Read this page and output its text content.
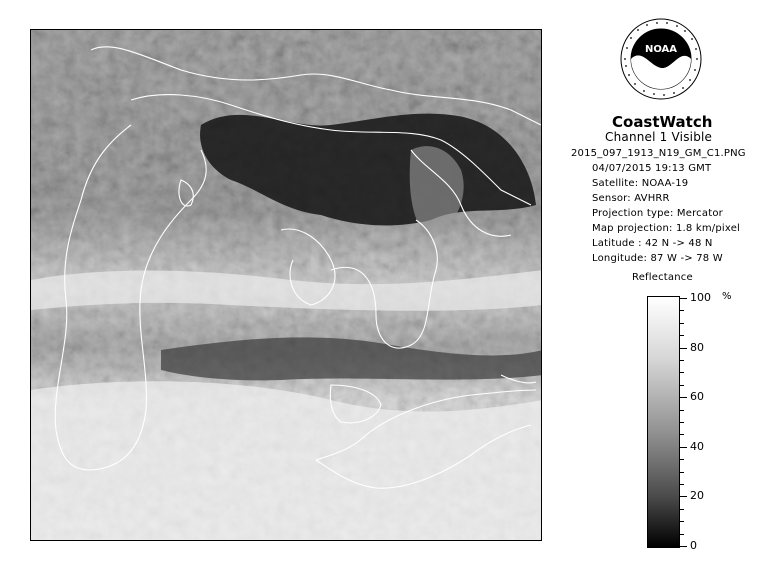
NOAA
CoastWatch
Channel 1 Visible
2015_097_1913_N19_GM_C1.PNG
04/07/2015 19:13 GMT
Satellite: NOAA-19
Sensor: AVHRR
Projection type: Mercator
Map projection: 1.8 km/pixel
Latitude : 42 N -> 48 N
Longitude: 87 W -> 78 W
Reflectance
%
100
80
60
40
20
0
